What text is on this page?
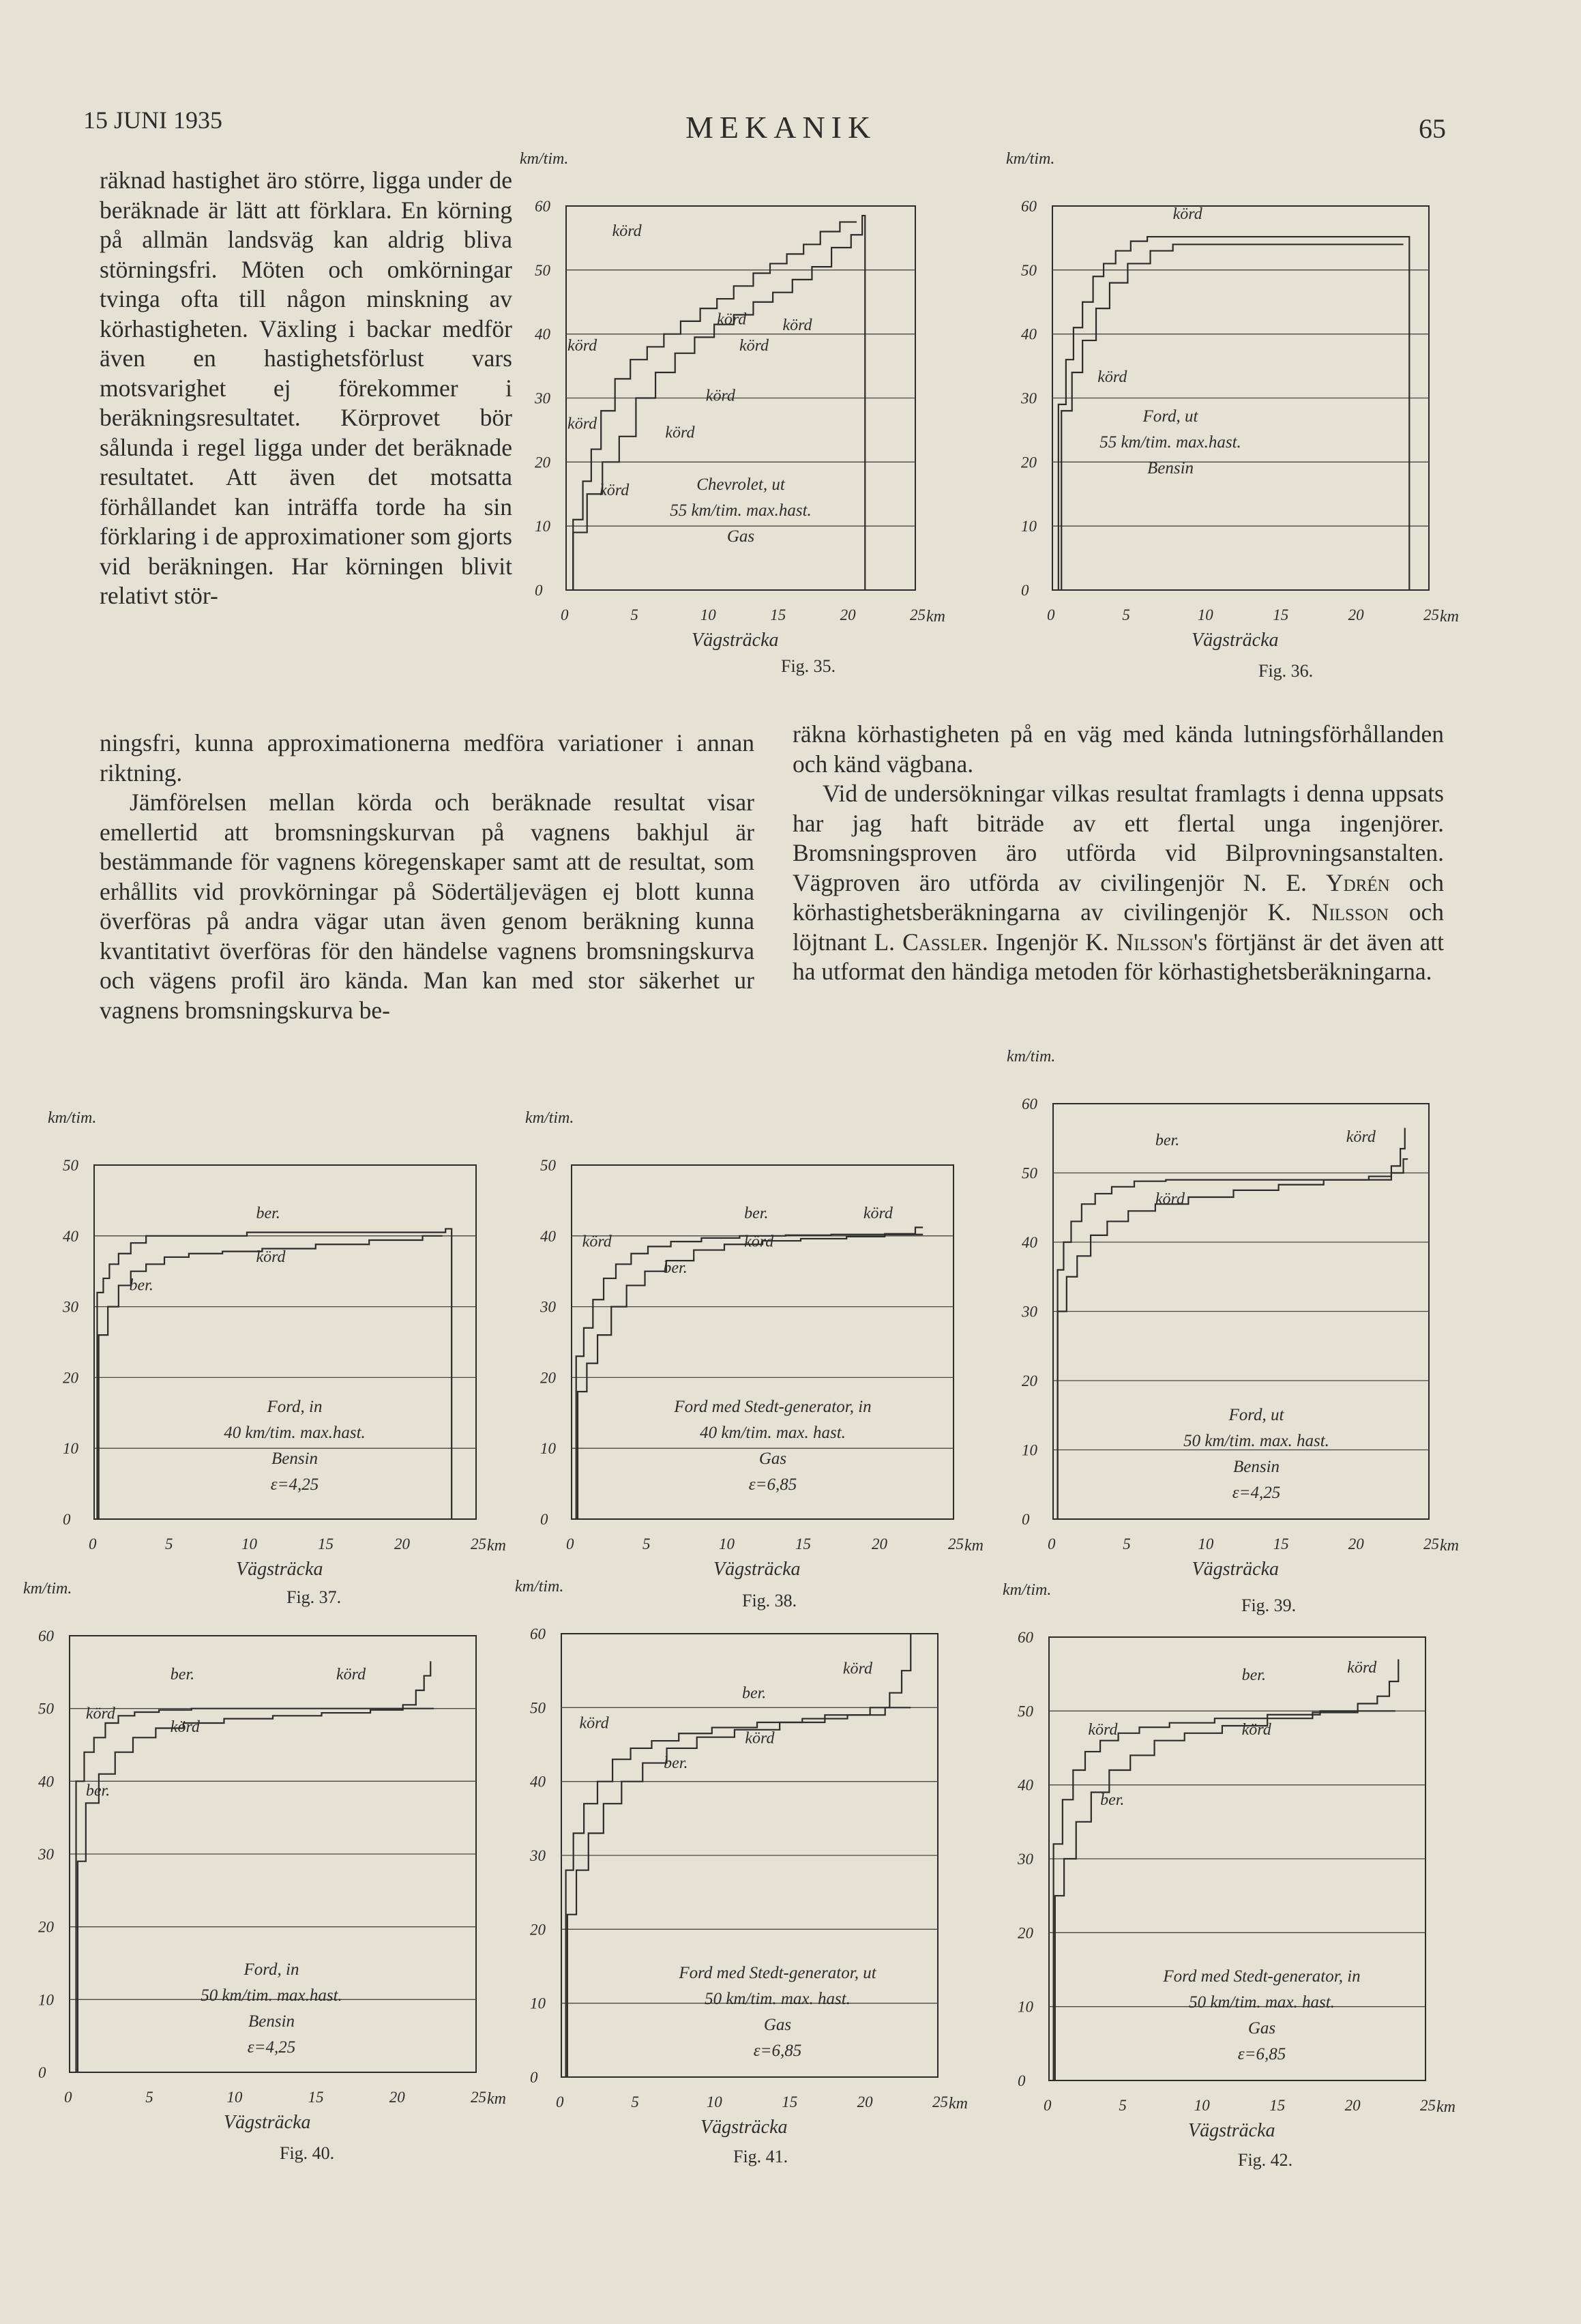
15 JUNI 1935	MEKANIK	65

räknad hastighet äro större, ligga under de beräknade är lätt att förklara. En körning på allmän landsväg kan aldrig bliva störningsfri. Möten och omkörningar tvinga ofta till någon minskning av körhastigheten. Växling i backar medför även en hastighetsförlust vars motsvarighet ej förekommer i beräkningsresultatet. Körprovet bör sålunda i regel ligga under det beräknade resultatet. Att även det motsatta förhållandet kan inträffa torde ha sin förklaring i de approximationer som gjorts vid beräkningen. Har körningen blivit relativt stör-

ningsfri, kunna approximationerna medföra variationer i annan riktning.

Jämförelsen mellan körda och beräknade resultat visar emellertid att bromsningskurvan på vagnens bakhjul är bestämmande för vagnens köregenskaper samt att de resultat, som erhållits vid provkörningar på Södertäljevägen ej blott kunna överföras på andra vägar utan även genom beräkning kunna kvantitativt överföras för den händelse vagnens bromsningskurva och vägens profil äro kända. Man kan med stor säkerhet ur vagnens bromsningskurva be-

räkna körhastigheten på en väg med kända lutningsförhållanden och känd vägbana.

Vid de undersökningar vilkas resultat framlagts i denna uppsats har jag haft biträde av ett flertal unga ingenjörer. Bromsningsproven äro utförda vid Bilprovningsanstalten. Vägproven äro utförda av civilingenjör N. E. Ydrén och körhastighetsberäkningarna av civilingenjör K. Nilsson och löjtnant L. Cassler. Ingenjör K. Nilsson's förtjänst är det även att ha utformat den händiga metoden för körhastighetsberäkningarna.

0
10
20
30
40
50
60
0	5	10	15	20	25 km
km/tim.
Vägsträcka
Fig. 35.
körd
körd
körd
körd
körd
körd
körd
körd
körd	Chevrolet, ut
55 km/tim. max.hast.
Gas
0
10
20
30
40
50
60
0	5	10	15	20	25 km
km/tim.
Vägsträcka
Fig. 36.
körd
körd
Ford, ut
55 km/tim. max.hast.
Bensin
0
10
20
30
40
50
0	5	10	15	20	25 km
km/tim.
Vägsträcka
Fig. 37.
ber.
körd
ber.
Ford, in
40 km/tim. max.hast.
Bensin
ε=4,25
0
10
20
30
40
50
0	5	10	15	20	25 km
km/tim.
Vägsträcka
Fig. 38.
ber.	körd
körd	körd
ber.
Ford med Stedt-generator, in
40 km/tim. max. hast.
Gas
ε=6,85
0
10
20
30
40
50
60
0	5	10	15	20	25 km
km/tim.
Vägsträcka
Fig. 39.
ber.	körd
körd
Ford, ut
50 km/tim. max. hast.
Bensin
ε=4,25
0
10
20
30
40
50
60
0	5	10	15	20	25 km
km/tim.
Vägsträcka
Fig. 40.
ber.	körd
körd
körd
ber.
Ford, in
50 km/tim. max.hast.
Bensin
ε=4,25
0
10
20
30
40
50
60
0	5	10	15	20	25 km
km/tim.
Vägsträcka
Fig. 41.
ber.
körd
körd
körd
ber.
Ford med Stedt-generator, ut
50 km/tim. max. hast.
Gas
ε=6,85
0
10
20
30
40
50
60
0	5	10	15	20	25 km
km/tim.
Vägsträcka
Fig. 42.
ber.	körd
körd	körd
ber.
Ford med Stedt-generator, in
50 km/tim. max. hast.
Gas
ε=6,85
